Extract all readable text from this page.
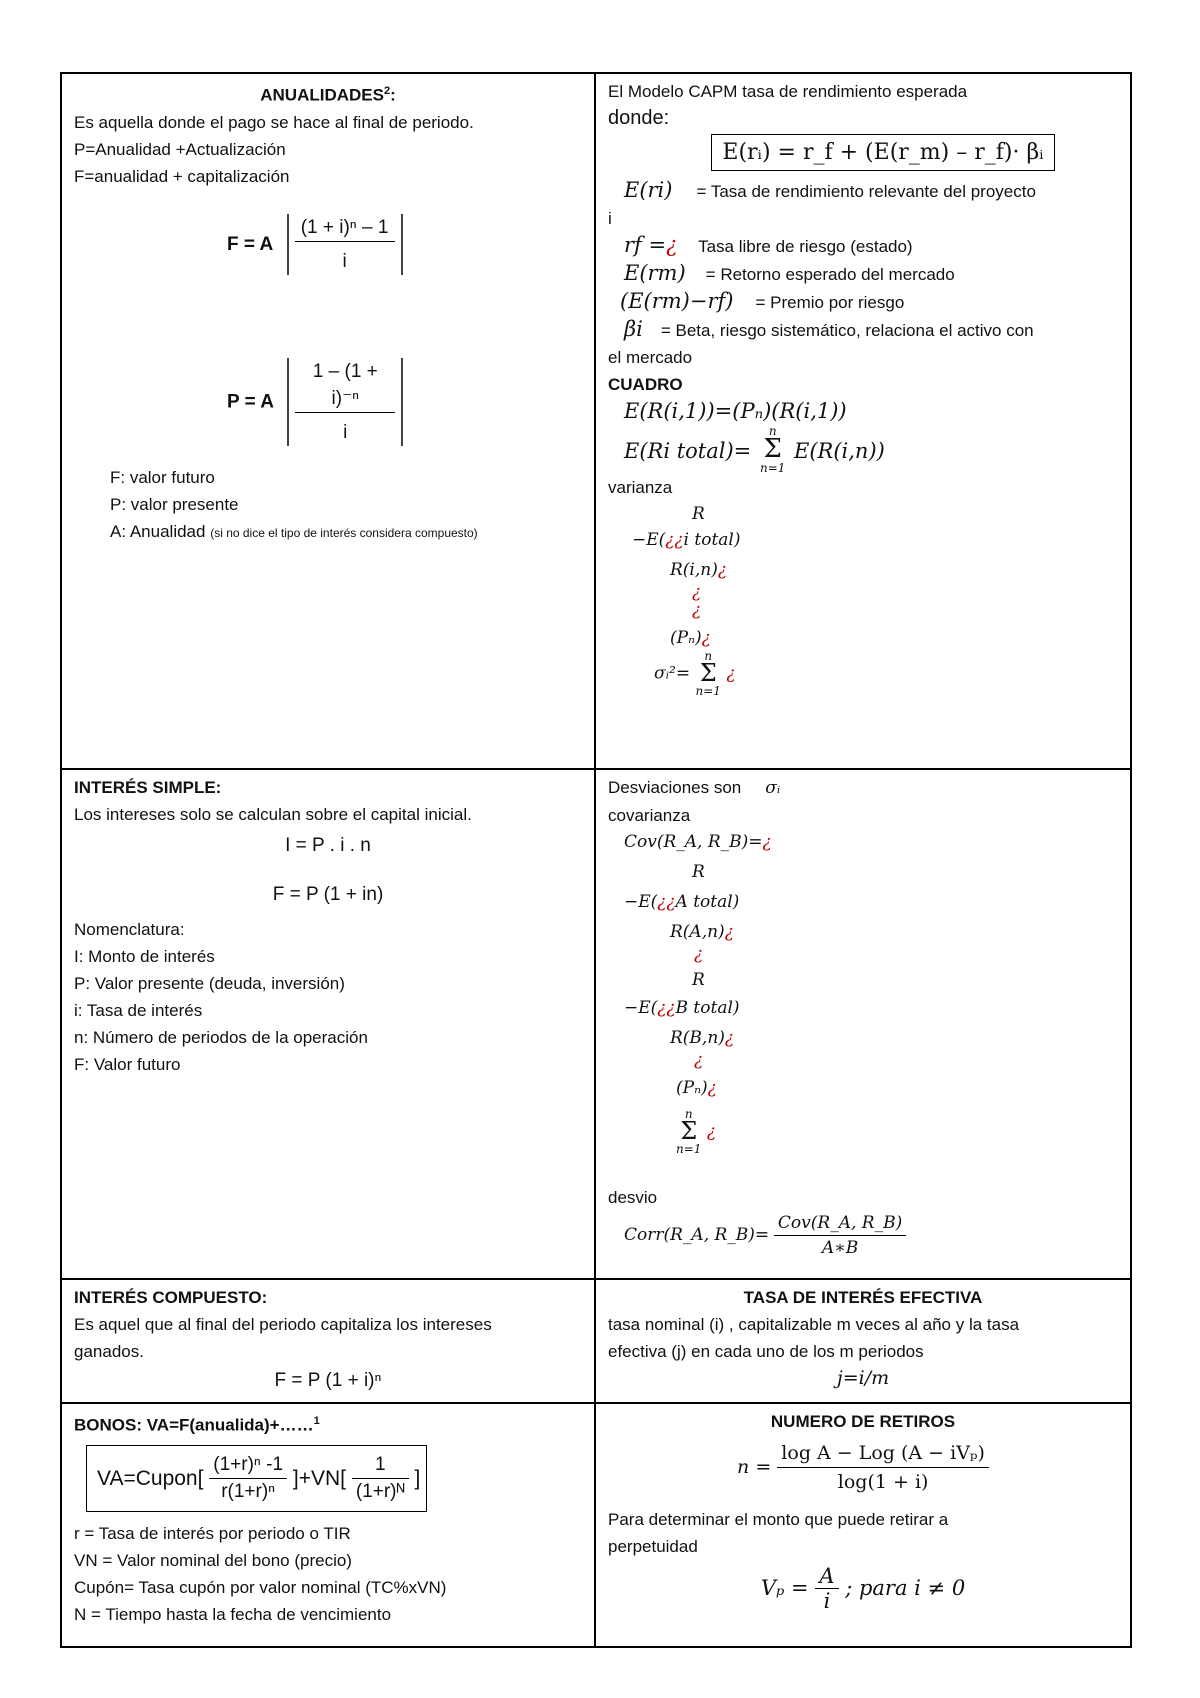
ANUALIDADES$^2$:
Es aquella donde el pago se hace al final de periodo.
P=Anualidad +Actualización
F=anualidad + capitalización
F = A $\frac{\text{(1 + i)ⁿ – 1}}{i}$
P = A $\frac{\text{1 – (1 + i)⁻ⁿ}}{i}$
F: valor futuro
P: valor presente
A: Anualidad (si no dice el tipo de interés considera compuesto)
El Modelo CAPM tasa de rendimiento esperada
donde:
E(rᵢ) = r_f + (E(r_m) – r_f)· βᵢ
E(ri) = Tasa de rendimiento relevante del proyecto
i
rf =¿ Tasa libre de riesgo (estado)
E(rm) = Retorno esperado del mercado
(E(rm)−rf) = Premio por riesgo
βi = Beta, riesgo sistemático, relaciona el activo con
el mercado
CUADRO
E(R(i,1))=(Pₙ)(R(i,1))
E(Ri total)=
n
Σ
n=1
E(R(i,n))
varianza
R
−E(¿¿i total)
R(i,n)¿
¿
¿
(Pₙ)¿
σᵢ²=
n
Σ
n=1
¿
INTERÉS SIMPLE:
Los intereses solo se calculan sobre el capital inicial.
I = P . i . n
F = P (1 + in)
Nomenclatura:
I: Monto de interés
P: Valor presente (deuda, inversión)
i: Tasa de interés
n: Número de periodos de la operación
F: Valor futuro
Desviaciones son σᵢ
covarianza
Cov(R_A, R_B)=¿
R
−E(¿¿A total)
R(A,n)¿
¿
R
−E(¿¿B total)
R(B,n)¿
¿
(Pₙ)¿
n
Σ
n=1
¿
desvio
Corr(R_A, R_B)= $\frac{\text{Cov(R\_A, R\_B)}}{A∗B}$
INTERÉS COMPUESTO:
Es aquel que al final del periodo capitaliza los intereses
ganados.
F = P (1 + i)ⁿ
TASA DE INTERÉS EFECTIVA
tasa nominal (i) , capitalizable m veces al año y la tasa
efectiva (j) en cada uno de los m periodos
j=i/m
BONOS: VA=F(anualida)+……$^1$
VA=Cupon[ $\frac{\text{(1+r)ⁿ -1}}{\text{r(1+r)ⁿ}} ]+VN[ \frac{1}{\text{(1+r)ᴺ}}$ ]
r = Tasa de interés por periodo o TIR
VN = Valor nominal del bono (precio)
Cupón= Tasa cupón por valor nominal (TC%xVN)
N = Tiempo hasta la fecha de vencimiento
NUMERO DE RETIROS
$n = \frac{\text{log A − Log (A − iVₚ)}}{\log(1 + i)}$
Para determinar el monto que puede retirar a
perpetuidad
$V_p = \frac{A}{i}$ ; para i ≠ 0
